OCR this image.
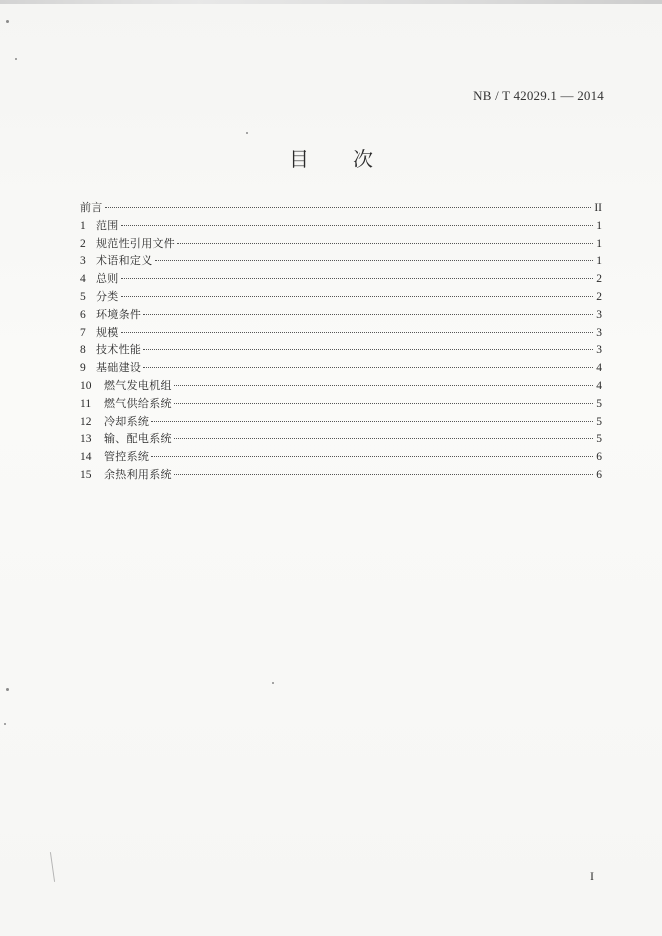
NB / T 42029.1 — 2014
目次
前言	II
1 范围	1
2 规范性引用文件	1
3 术语和定义	1
4 总则	2
5 分类	2
6 环境条件	3
7 规模	3
8 技术性能	3
9 基础建设	4
10	燃气发电机组	4
11	燃气供给系统	5
12	冷却系统	5
13	输、配电系统	5
14	管控系统	6
15	余热利用系统	6
I
